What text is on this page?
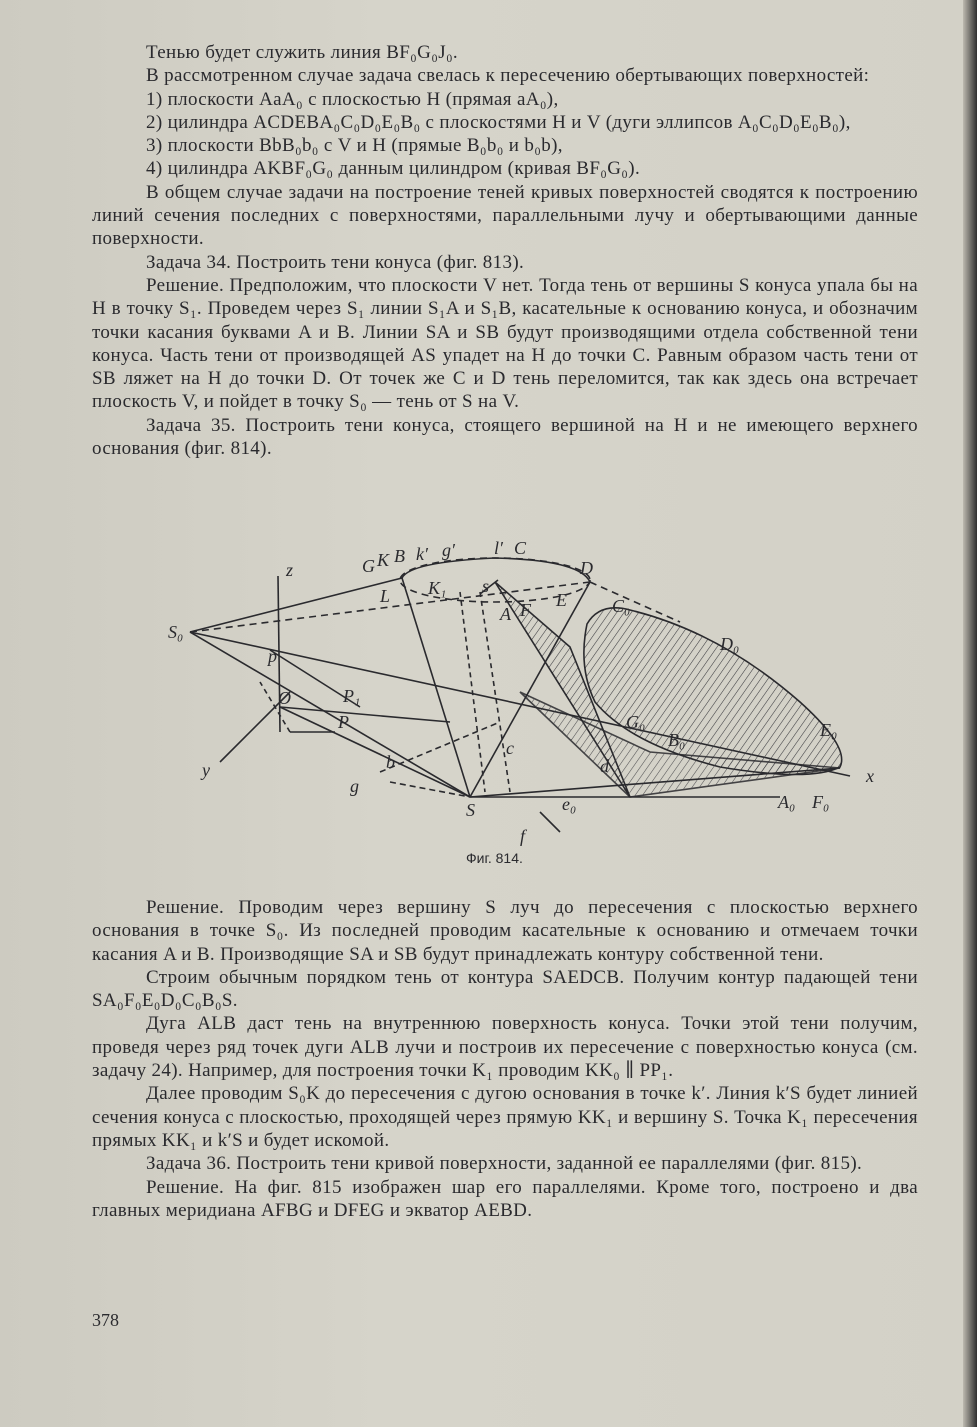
Тенью будет служить линия BF₀G₀J₀.

В рассмотренном случае задача свелась к пересечению обертывающих поверхностей:

1) плоскости AaA₀ с плоскостью H (прямая aA₀),

2) цилиндра ACDEBA₀C₀D₀E₀B₀ с плоскостями H и V (дуги эллипсов A₀C₀D₀E₀B₀),

3) плоскости BbB₀b₀ с V и H (прямые B₀b₀ и b₀b),

4) цилиндра AKBF₀G₀ данным цилиндром (кривая BF₀G₀).

В общем случае задачи на построение теней кривых поверхностей сводятся к построению линий сечения последних с поверхностями, параллельными лучу и обертывающими данные поверхности.

Задача 34. Построить тени конуса (фиг. 813).

Решение. Предположим, что плоскости V нет. Тогда тень от вершины S конуса упала бы на H в точку S₁. Проведем через S₁ линии S₁A и S₁B, касательные к основанию конуса, и обозначим точки касания буквами A и B. Линии SA и SB будут производящими отдела собственной тени конуса. Часть тени от производящей AS упадет на H до точки C. Равным образом часть тени от SB ляжет на H до точки D. От точек же C и D тень переломится, так как здесь она встречает плоскость V, и пойдет в точку S₀ — тень от S на V.

Задача 35. Построить тени конуса, стоящего вершиной на H и не имеющего верхнего основания (фиг. 814).

z	G K B k′ g′ l′ C
D
S₀
L K₁ s
A F E	C₀
D₀
p
O	P₁
P	G₀
B₀	E₀
y	b
c
d
g
S	e₀	A₀ F₀
x
f
Фиг. 814.

Решение. Проводим через вершину S луч до пересечения с плоскостью верхнего основания в точке S₀. Из последней проводим касательные к основанию и отмечаем точки касания A и B. Производящие SA и SB будут принадлежать контуру собственной тени.

Строим обычным порядком тень от контура SAEDCB. Получим контур падающей тени SA₀F₀E₀D₀C₀B₀S.

Дуга ALB даст тень на внутреннюю поверхность конуса. Точки этой тени получим, проведя через ряд точек дуги ALB лучи и построив их пересечение с поверхностью конуса (см. задачу 24). Например, для построения точки K₁ проводим KK₀ ∥ PP₁.

Далее проводим S₀K до пересечения с дугою основания в точке k′. Линия k′S будет линией сечения конуса с плоскостью, проходящей через прямую KK₁ и вершину S. Точка K₁ пересечения прямых KK₁ и k′S и будет искомой.

Задача 36. Построить тени кривой поверхности, заданной ее параллелями (фиг. 815).

Решение. На фиг. 815 изображен шар его параллелями. Кроме того, построено и два главных меридиана AFBG и DFEG и экватор AEBD.

378
